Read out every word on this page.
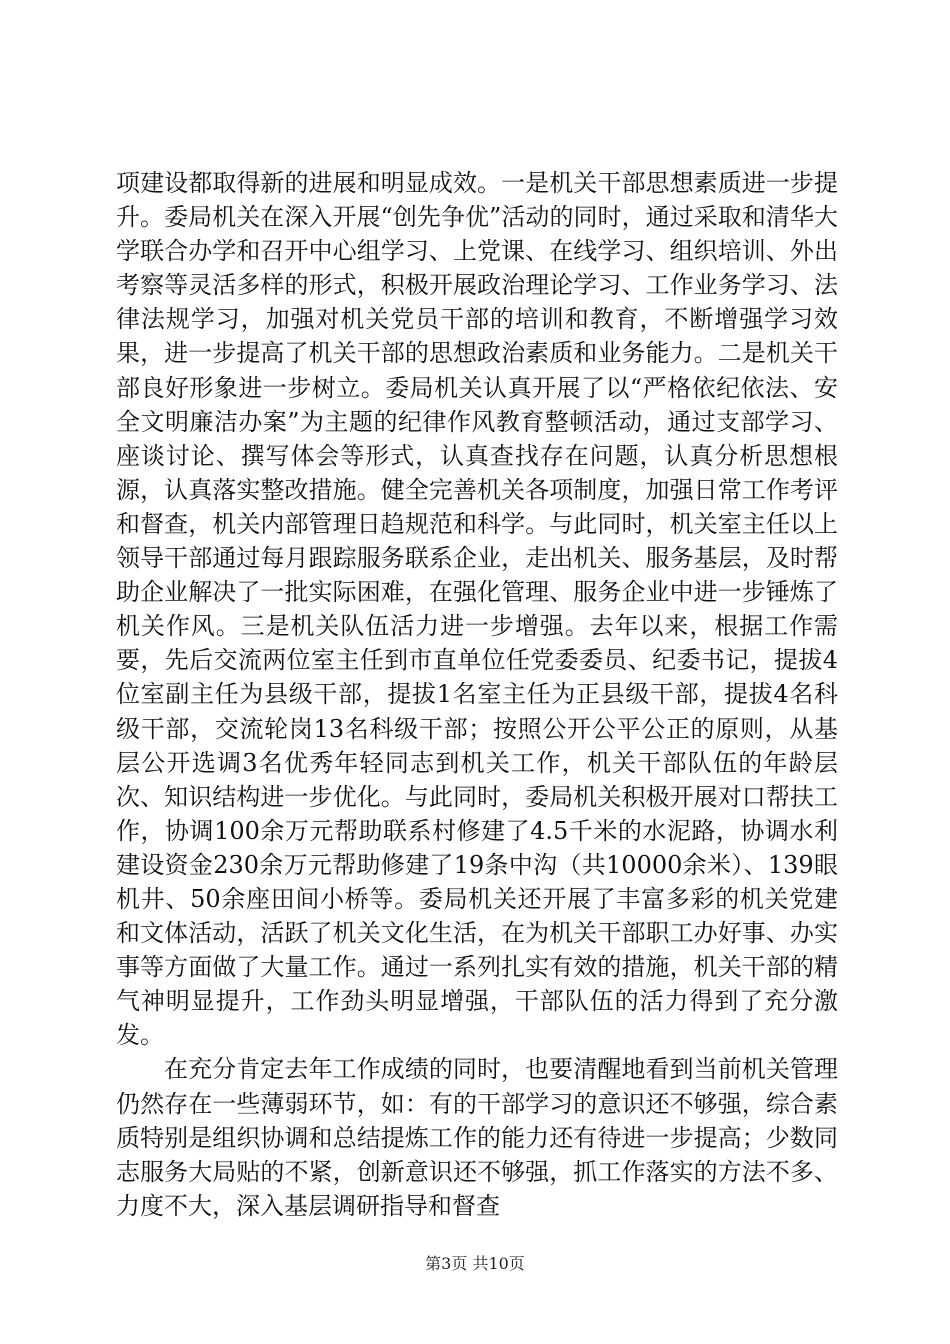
项建设都取得新的进展和明显成效。一是机关干部思想素质进一步提升。委局机关在深入开展“创先争优”活动的同时，通过采取和清华大学联合办学和召开中心组学习、上党课、在线学习、组织培训、外出考察等灵活多样的形式，积极开展政治理论学习、工作业务学习、法律法规学习，加强对机关党员干部的培训和教育，不断增强学习效果，进一步提高了机关干部的思想政治素质和业务能力。二是机关干部良好形象进一步树立。委局机关认真开展了以“严格依纪依法、安全文明廉洁办案”为主题的纪律作风教育整顿活动，通过支部学习、座谈讨论、撰写体会等形式，认真查找存在问题，认真分析思想根源，认真落实整改措施。健全完善机关各项制度，加强日常工作考评和督查，机关内部管理日趋规范和科学。与此同时，机关室主任以上领导干部通过每月跟踪服务联系企业，走出机关、服务基层，及时帮助企业解决了一批实际困难，在强化管理、服务企业中进一步锤炼了机关作风。三是机关队伍活力进一步增强。去年以来，根据工作需要，先后交流两位室主任到市直单位任党委委员、纪委书记，提拔4位室副主任为县级干部，提拔1名室主任为正县级干部，提拔4名科级干部，交流轮岗13名科级干部；按照公开公平公正的原则，从基层公开选调3名优秀年轻同志到机关工作，机关干部队伍的年龄层次、知识结构进一步优化。与此同时，委局机关积极开展对口帮扶工作，协调100余万元帮助联系村修建了4.5千米的水泥路，协调水利建设资金230余万元帮助修建了19条中沟（共10000余米）、139眼机井、50余座田间小桥等。委局机关还开展了丰富多彩的机关党建和文体活动，活跃了机关文化生活，在为机关干部职工办好事、办实事等方面做了大量工作。通过一系列扎实有效的措施，机关干部的精气神明显提升，工作劲头明显增强，干部队伍的活力得到了充分激发。

在充分肯定去年工作成绩的同时，也要清醒地看到当前机关管理仍然存在一些薄弱环节，如：有的干部学习的意识还不够强，综合素质特别是组织协调和总结提炼工作的能力还有待进一步提高；少数同志服务大局贴的不紧，创新意识还不够强，抓工作落实的方法不多、力度不大，深入基层调研指导和督查

第3页 共10页
